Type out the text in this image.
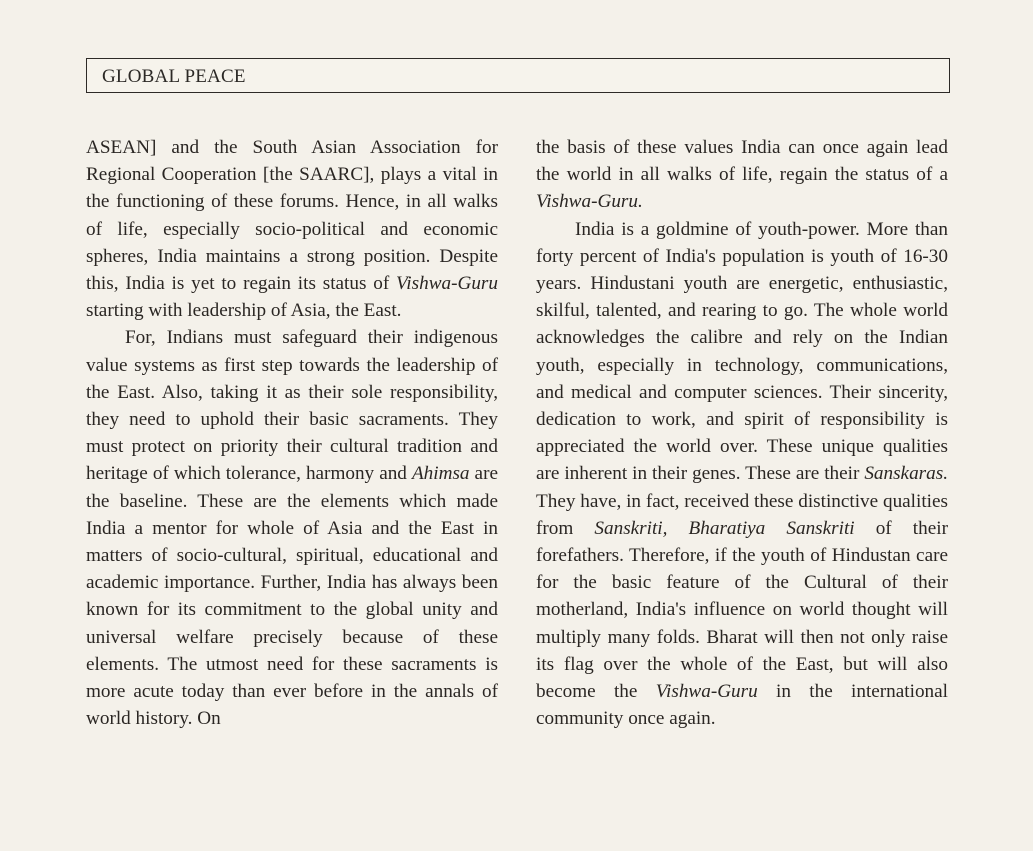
GLOBAL PEACE

ASEAN] and the South Asian Association for Regional Cooperation [the SAARC], plays a vital in the functioning of these forums. Hence, in all walks of life, especially socio-political and economic spheres, India maintains a strong position. Despite this, India is yet to regain its status of Vishwa-Guru starting with leadership of Asia, the East.

For, Indians must safeguard their indigenous value systems as first step towards the leadership of the East. Also, taking it as their sole responsibility, they need to uphold their basic sacraments. They must protect on priority their cultural tradition and heritage of which tolerance, harmony and Ahimsa are the baseline. These are the elements which made India a mentor for whole of Asia and the East in matters of socio-cultural, spiritual, educational and academic importance. Further, India has always been known for its commitment to the global unity and universal welfare precisely because of these elements. The utmost need for these sacraments is more acute today than ever before in the annals of world history. On

the basis of these values India can once again lead the world in all walks of life, regain the status of a Vishwa-Guru.

India is a goldmine of youth-power. More than forty percent of India's population is youth of 16-30 years. Hindustani youth are energetic, enthusiastic, skilful, talented, and rearing to go. The whole world acknowledges the calibre and rely on the Indian youth, especially in technology, communications, and medical and computer sciences. Their sincerity, dedication to work, and spirit of responsibility is appreciated the world over. These unique qualities are inherent in their genes. These are their Sanskaras. They have, in fact, received these distinctive qualities from Sanskriti, Bharatiya Sanskriti of their forefathers. Therefore, if the youth of Hindustan care for the basic feature of the Cultural of their motherland, India's influence on world thought will multiply many folds. Bharat will then not only raise its flag over the whole of the East, but will also become the Vishwa-Guru in the international community once again.
